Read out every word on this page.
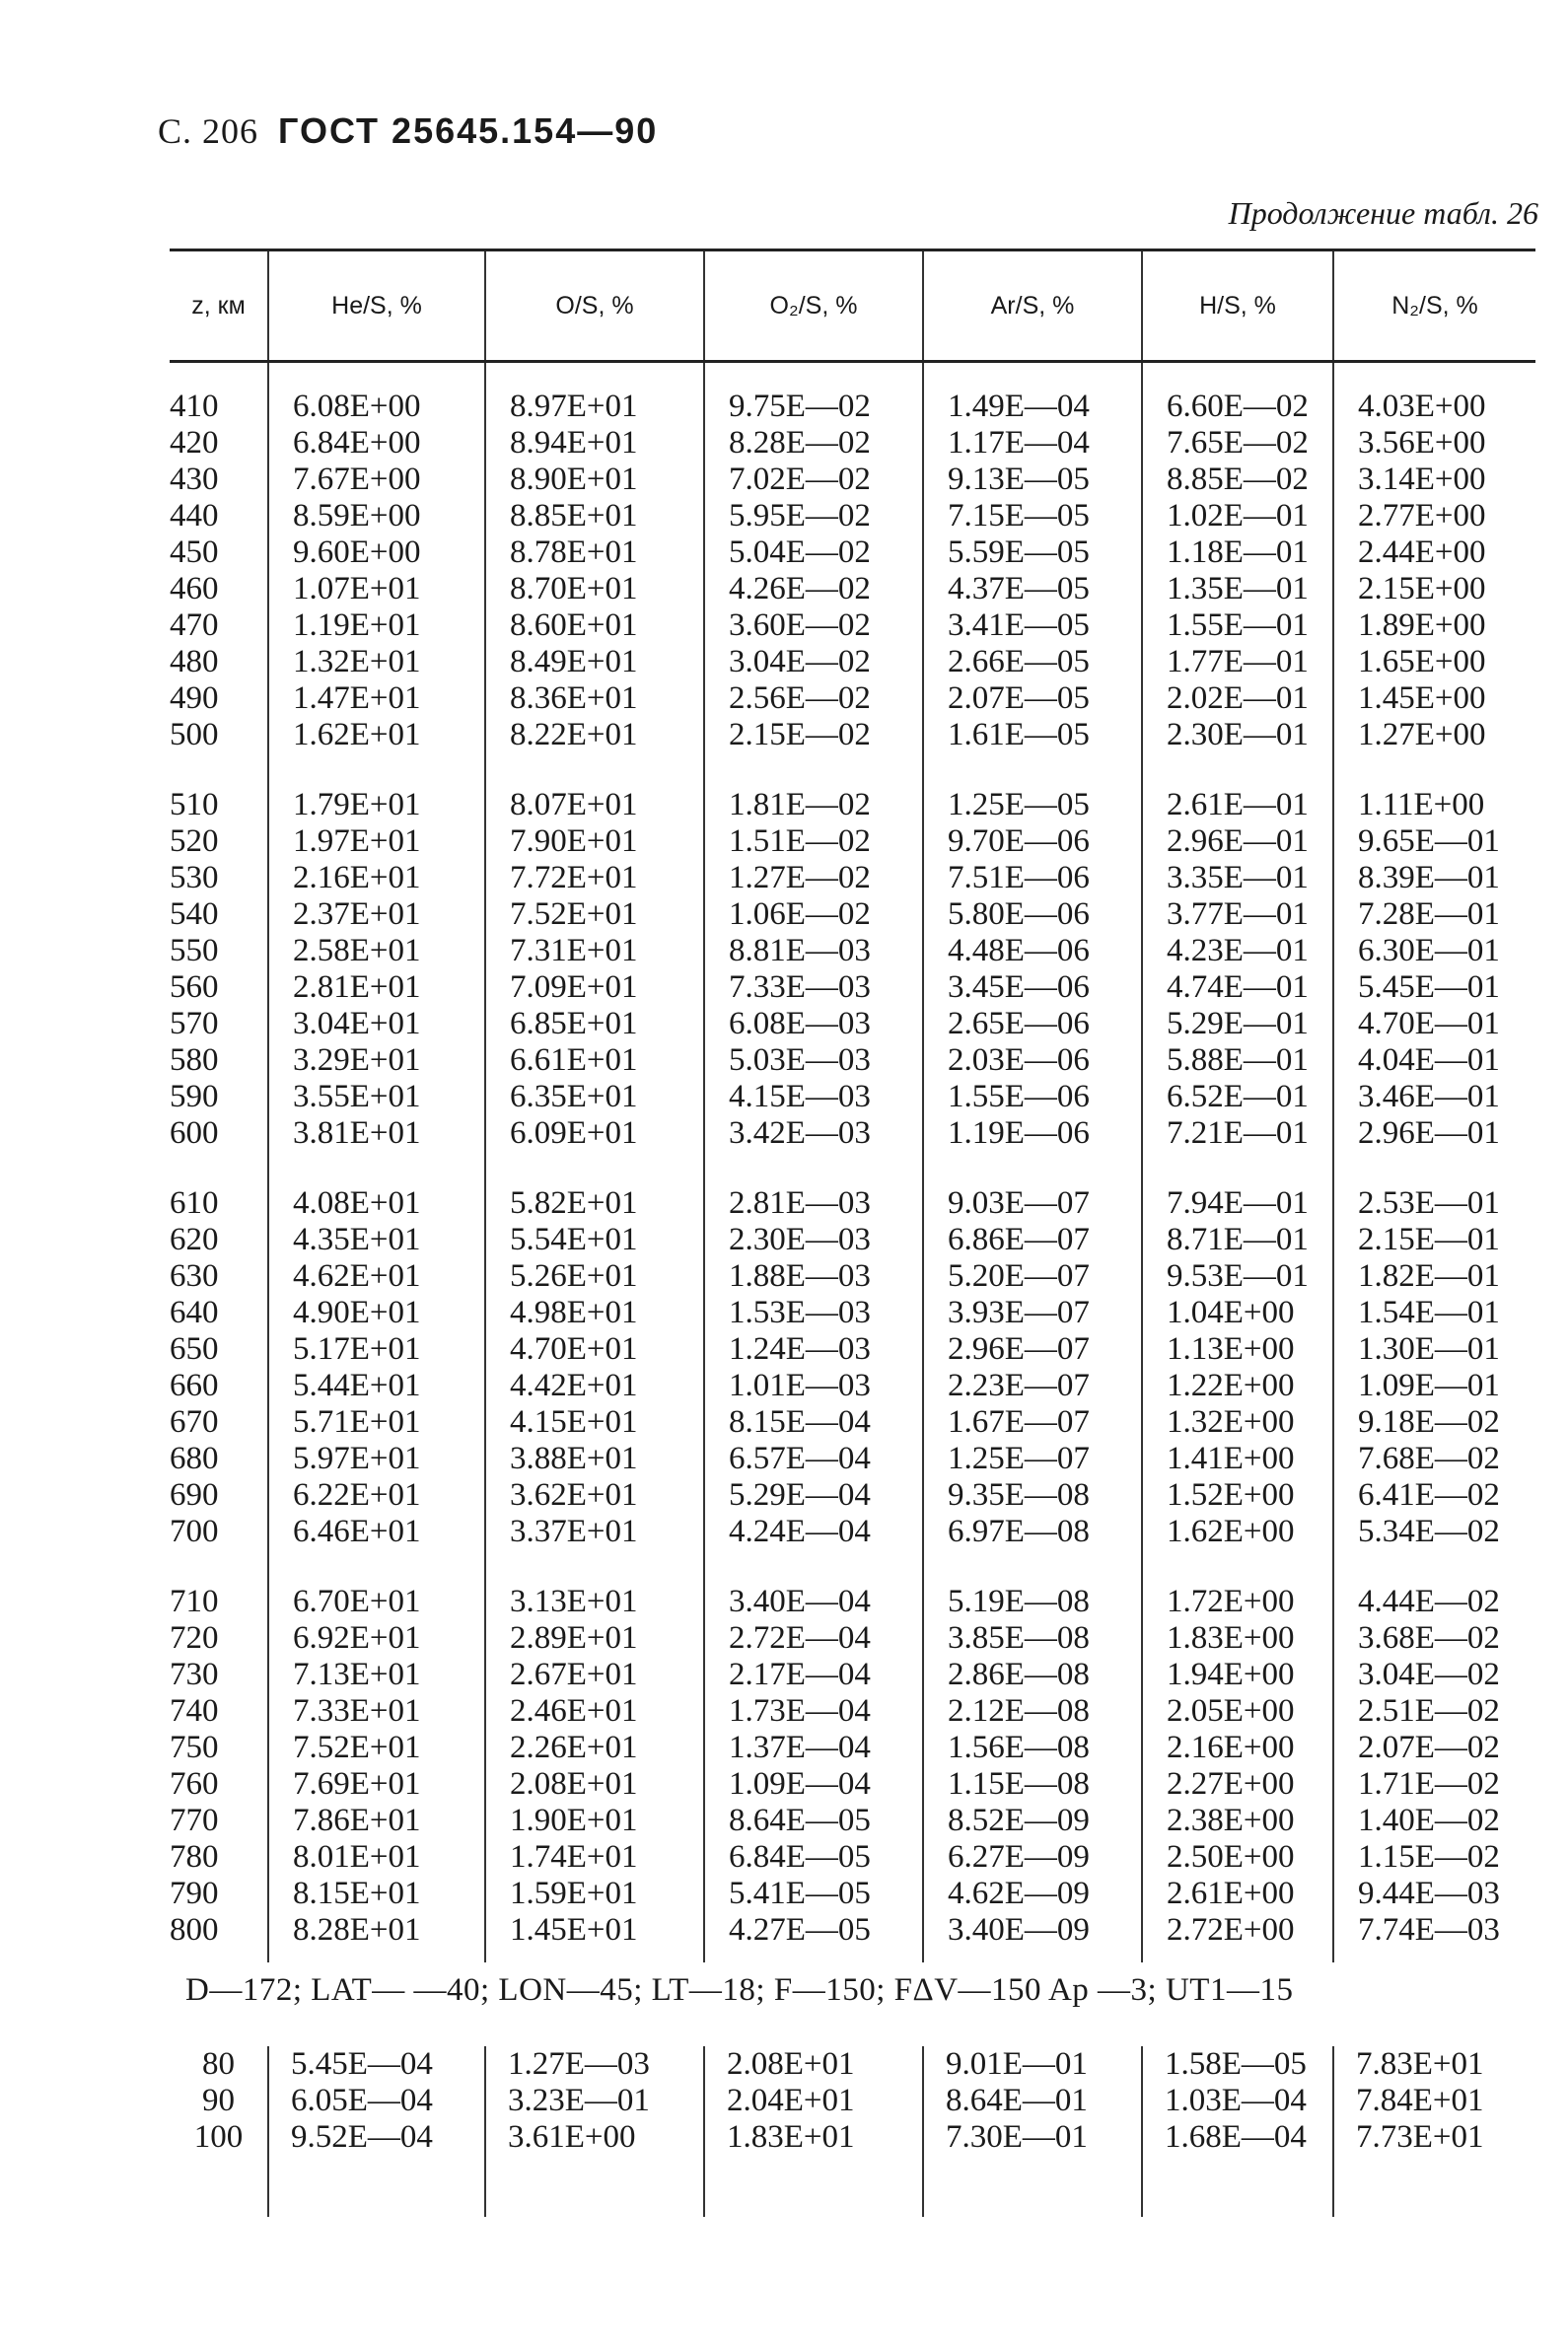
С. 206 ГОСТ 25645.154—90
Продолжение табл. 26
z, км	He/S, %	O/S, %	O₂/S, %	Ar/S, %	H/S, %	N₂/S, %

410	6.08E+00	8.97E+01	9.75E—02	1.49E—04	6.60E—02	4.03E+00
420	6.84E+00	8.94E+01	8.28E—02	1.17E—04	7.65E—02	3.56E+00
430	7.67E+00	8.90E+01	7.02E—02	9.13E—05	8.85E—02	3.14E+00
440	8.59E+00	8.85E+01	5.95E—02	7.15E—05	1.02E—01	2.77E+00
450	9.60E+00	8.78E+01	5.04E—02	5.59E—05	1.18E—01	2.44E+00
460	1.07E+01	8.70E+01	4.26E—02	4.37E—05	1.35E—01	2.15E+00
470	1.19E+01	8.60E+01	3.60E—02	3.41E—05	1.55E—01	1.89E+00
480	1.32E+01	8.49E+01	3.04E—02	2.66E—05	1.77E—01	1.65E+00
490	1.47E+01	8.36E+01	2.56E—02	2.07E—05	2.02E—01	1.45E+00
500	1.62E+01	8.22E+01	2.15E—02	1.61E—05	2.30E—01	1.27E+00

510	1.79E+01	8.07E+01	1.81E—02	1.25E—05	2.61E—01	1.11E+00
520	1.97E+01	7.90E+01	1.51E—02	9.70E—06	2.96E—01	9.65E—01
530	2.16E+01	7.72E+01	1.27E—02	7.51E—06	3.35E—01	8.39E—01
540	2.37E+01	7.52E+01	1.06E—02	5.80E—06	3.77E—01	7.28E—01
550	2.58E+01	7.31E+01	8.81E—03	4.48E—06	4.23E—01	6.30E—01
560	2.81E+01	7.09E+01	7.33E—03	3.45E—06	4.74E—01	5.45E—01
570	3.04E+01	6.85E+01	6.08E—03	2.65E—06	5.29E—01	4.70E—01
580	3.29E+01	6.61E+01	5.03E—03	2.03E—06	5.88E—01	4.04E—01
590	3.55E+01	6.35E+01	4.15E—03	1.55E—06	6.52E—01	3.46E—01
600	3.81E+01	6.09E+01	3.42E—03	1.19E—06	7.21E—01	2.96E—01

610	4.08E+01	5.82E+01	2.81E—03	9.03E—07	7.94E—01	2.53E—01
620	4.35E+01	5.54E+01	2.30E—03	6.86E—07	8.71E—01	2.15E—01
630	4.62E+01	5.26E+01	1.88E—03	5.20E—07	9.53E—01	1.82E—01
640	4.90E+01	4.98E+01	1.53E—03	3.93E—07	1.04E+00	1.54E—01
650	5.17E+01	4.70E+01	1.24E—03	2.96E—07	1.13E+00	1.30E—01
660	5.44E+01	4.42E+01	1.01E—03	2.23E—07	1.22E+00	1.09E—01
670	5.71E+01	4.15E+01	8.15E—04	1.67E—07	1.32E+00	9.18E—02
680	5.97E+01	3.88E+01	6.57E—04	1.25E—07	1.41E+00	7.68E—02
690	6.22E+01	3.62E+01	5.29E—04	9.35E—08	1.52E+00	6.41E—02
700	6.46E+01	3.37E+01	4.24E—04	6.97E—08	1.62E+00	5.34E—02

710	6.70E+01	3.13E+01	3.40E—04	5.19E—08	1.72E+00	4.44E—02
720	6.92E+01	2.89E+01	2.72E—04	3.85E—08	1.83E+00	3.68E—02
730	7.13E+01	2.67E+01	2.17E—04	2.86E—08	1.94E+00	3.04E—02
740	7.33E+01	2.46E+01	1.73E—04	2.12E—08	2.05E+00	2.51E—02
750	7.52E+01	2.26E+01	1.37E—04	1.56E—08	2.16E+00	2.07E—02
760	7.69E+01	2.08E+01	1.09E—04	1.15E—08	2.27E+00	1.71E—02
770	7.86E+01	1.90E+01	8.64E—05	8.52E—09	2.38E+00	1.40E—02
780	8.01E+01	1.74E+01	6.84E—05	6.27E—09	2.50E+00	1.15E—02
790	8.15E+01	1.59E+01	5.41E—05	4.62E—09	2.61E+00	9.44E—03
800	8.28E+01	1.45E+01	4.27E—05	3.40E—09	2.72E+00	7.74E—03

D—172; LAT— —40; LON—45; LT—18; F—150; FΔV—150 Ap —3; UT1—15
80	5.45E—04	1.27E—03	2.08E+01	9.01E—01	1.58E—05	7.83E+01
90	6.05E—04	3.23E—01	2.04E+01	8.64E—01	1.03E—04	7.84E+01
100	9.52E—04	3.61E+00	1.83E+01	7.30E—01	1.68E—04	7.73E+01
